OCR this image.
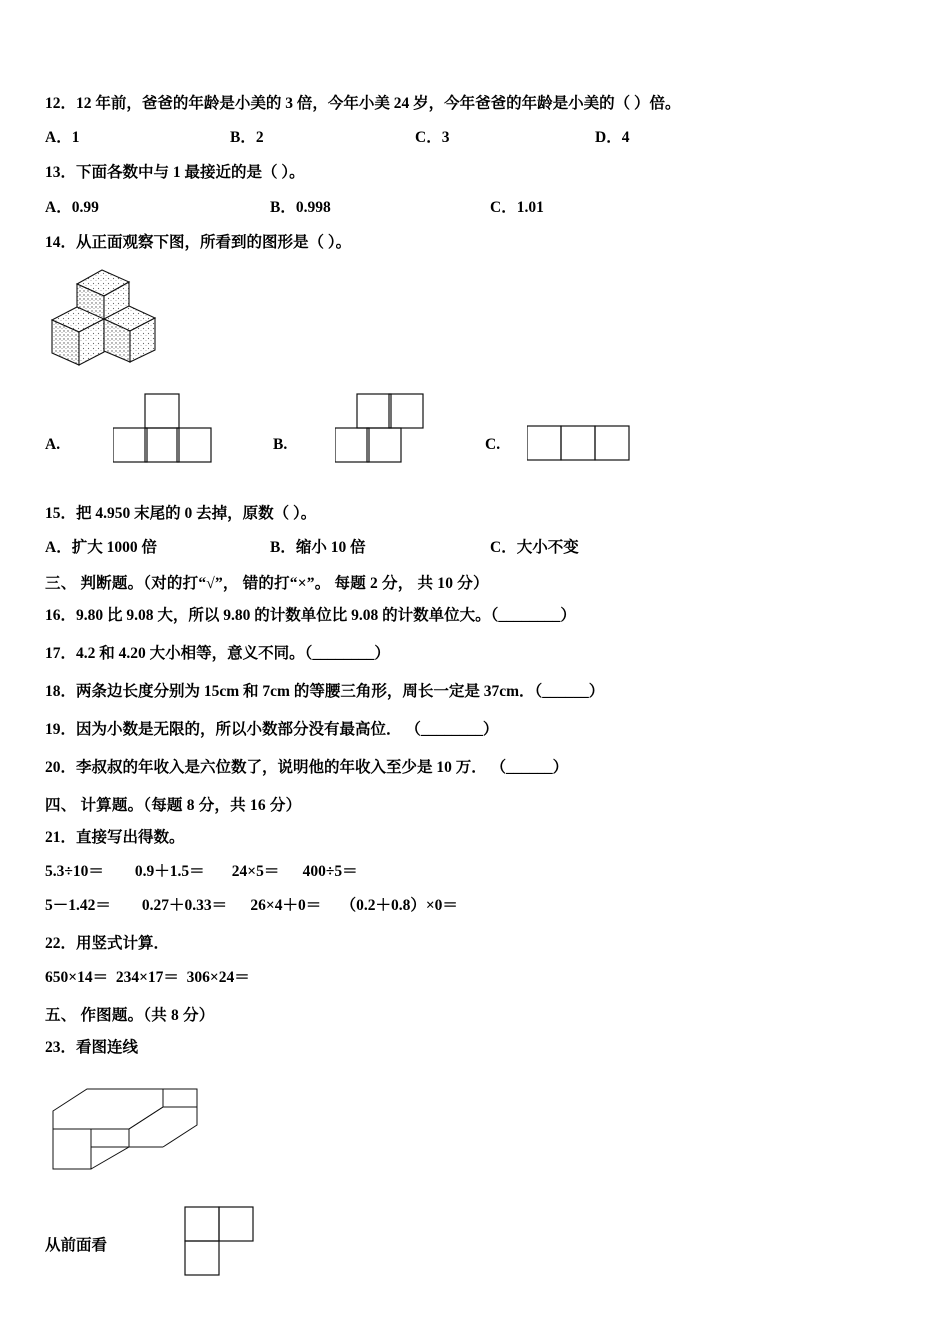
12．12 年前，爸爸的年龄是小美的 3 倍，今年小美 24 岁，今年爸爸的年龄是小美的（ ）倍。
A．1	B．2	C．3	D．4
13．下面各数中与 1 最接近的是（ ）。
A．0.99	B．0.998	C．1.01
14．从正面观察下图，所看到的图形是（ ）。
A.	B.	C.
15．把 4.950 末尾的 0 去掉，原数（ ）。
A．扩大 1000 倍	B．缩小 10 倍	C．大小不变
三、 判断题。（对的打“√”， 错的打“×”。 每题 2 分， 共 10 分）
16．9.80 比 9.08 大，所以 9.80 的计数单位比 9.08 的计数单位大。（________）
17．4.2 和 4.20 大小相等，意义不同。（________）
18．两条边长度分别为 15cm 和 7cm 的等腰三角形，周长一定是 37cm．（______）
19．因为小数是无限的，所以小数部分没有最高位． （________）
20．李叔叔的年收入是六位数了，说明他的年收入至少是 10 万． （______）
四、 计算题。（每题 8 分，共 16 分）
21．直接写出得数。
5.3÷10＝        0.9＋1.5＝       24×5＝      400÷5＝
5－1.42＝        0.27＋0.33＝      26×4＋0＝     （0.2＋0.8）×0＝
22．用竖式计算．
650×14＝  234×17＝  306×24＝
五、 作图题。（共 8 分）
23．看图连线
从前面看
